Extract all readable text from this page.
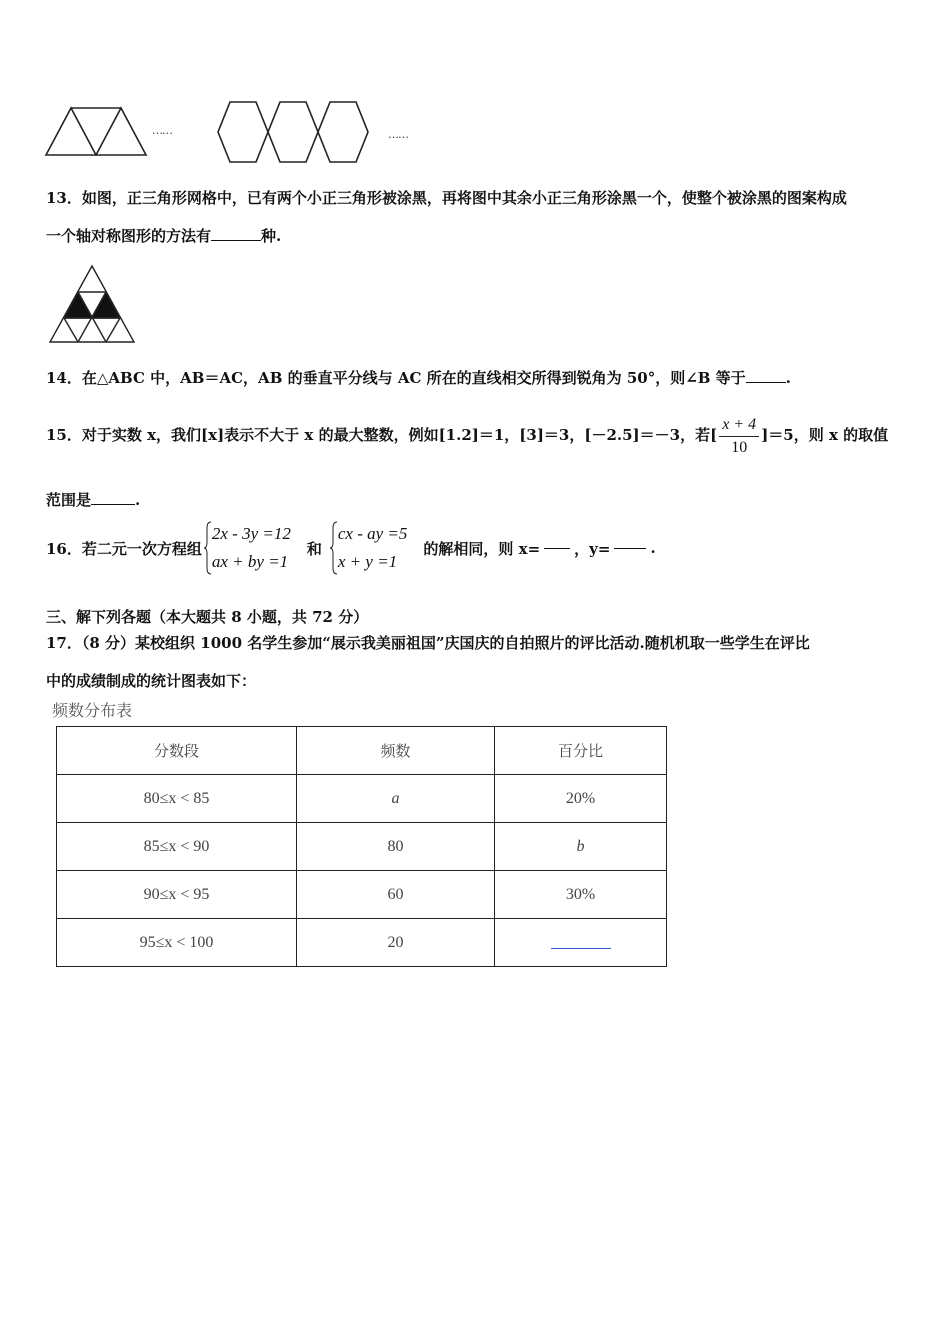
……	……
13．如图，正三角形网格中，已有两个小正三角形被涂黑，再将图中其余小正三角形涂黑一个，使整个被涂黑的图案构成
一个轴对称图形的方法有	种.
14．在△ABC 中，AB＝AC，AB 的垂直平分线与 AC 所在的直线相交所得到锐角为 50°，则∠B 等于	.
15．对于实数 x，我们[x]表示不大于 x 的最大整数，例如[1.2]＝1，[3]＝3，[－2.5]＝－3，若[ $\frac{x + 4}{10} ]=5$，则 x 的取值
范围是	.
16．若二元一次方程组
2x - 3y =12
ax + by =1
和
cx - ay =5
x + y =1
的解相同，则 x= ，y=	.
三、解下列各题（本大题共 8 小题，共 72 分）
17．（8 分）某校组织 1000 名学生参加“展示我美丽祖国”庆国庆的自拍照片的评比活动.随机机取一些学生在评比
中的成绩制成的统计图表如下：
频数分布表
分数段	频数	百分比
80≤x < 85	a	20%
85≤x < 90	80	b
90≤x < 95	60	30%
95≤x < 100	20	
